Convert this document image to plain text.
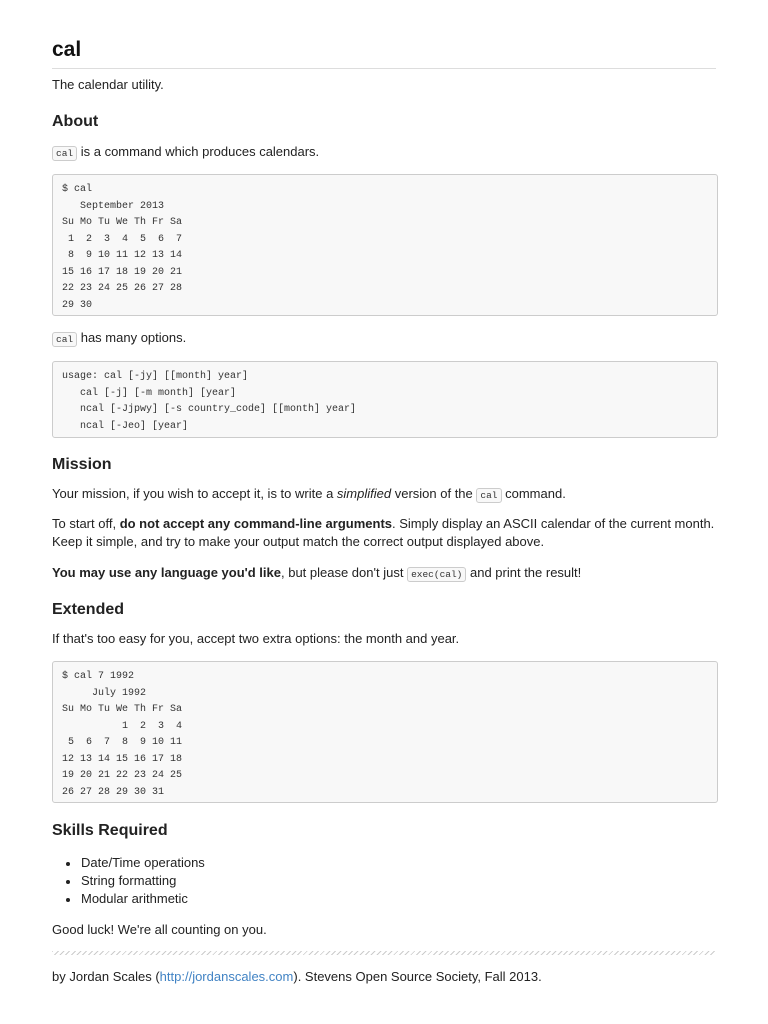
cal

The calendar utility.

About

cal is a command which produces calendars.

$ cal
September 2013
Su Mo Tu We Th Fr Sa
1  2  3  4  5  6  7
8  9 10 11 12 13 14
15 16 17 18 19 20 21
22 23 24 25 26 27 28
29 30

cal has many options.

usage: cal [-jy] [[month] year]
cal [-j] [-m month] [year]
ncal [-Jjpwy] [-s country_code] [[month] year]
ncal [-Jeo] [year]
Mission

Your mission, if you wish to accept it, is to write a simplified version of the cal command.

To start off, do not accept any command-line arguments. Simply display an ASCII calendar of the current month. Keep it simple, and try to make your output match the correct output displayed above.

You may use any language you'd like, but please don't just exec(cal) and print the result!

Extended

If that's too easy for you, accept two extra options: the month and year.

$ cal 7 1992
July 1992
Su Mo Tu We Th Fr Sa
1  2  3  4
5  6  7  8  9 10 11
12 13 14 15 16 17 18
19 20 21 22 23 24 25
26 27 28 29 30 31
Skills Required
Date/Time operations
String formatting
Modular arithmetic

Good luck! We're all counting on you.

by Jordan Scales (http://jordanscales.com). Stevens Open Source Society, Fall 2013.
